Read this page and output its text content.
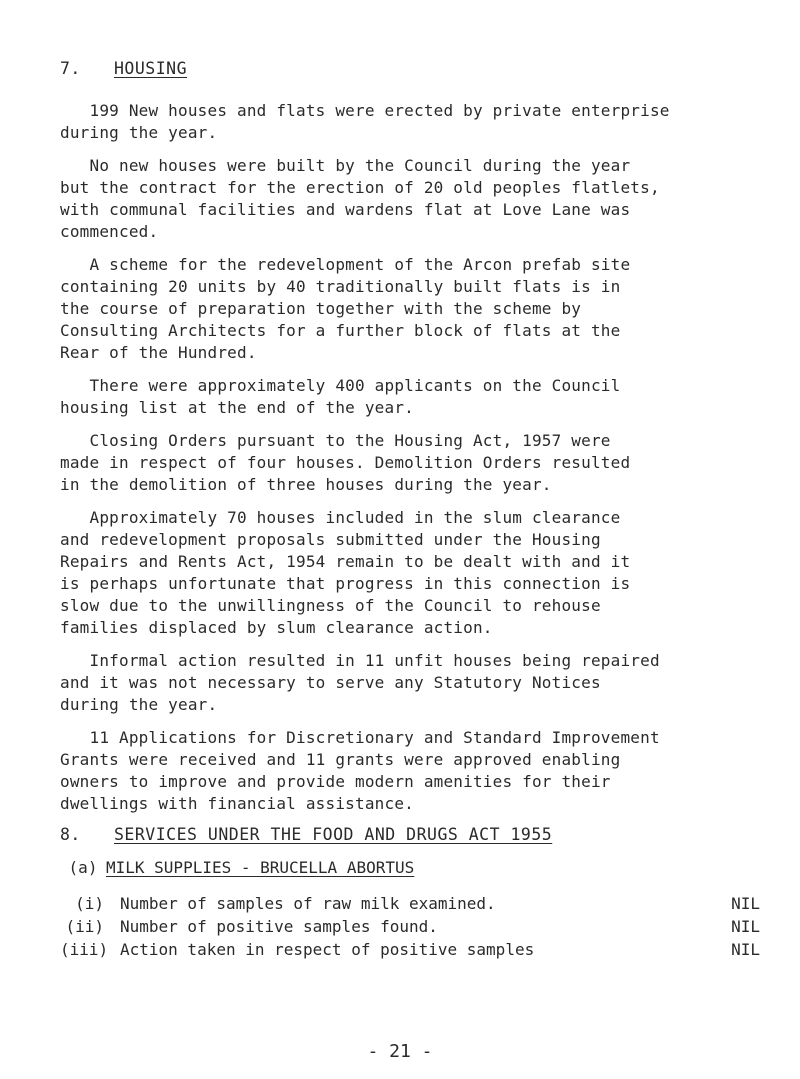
7. HOUSING
199 New houses and flats were erected by private enterprise
during the year.
No new houses were built by the Council during the year
but the contract for the erection of 20 old peoples flatlets,
with communal facilities and wardens flat at Love Lane was
commenced.
A scheme for the redevelopment of the Arcon prefab site
containing 20 units by 40 traditionally built flats is in
the course of preparation together with the scheme by
Consulting Architects for a further block of flats at the
Rear of the Hundred.
There were approximately 400 applicants on the Council
housing list at the end of the year.
Closing Orders pursuant to the Housing Act, 1957 were
made in respect of four houses. Demolition Orders resulted
in the demolition of three houses during the year.
Approximately 70 houses included in the slum clearance
and redevelopment proposals submitted under the Housing
Repairs and Rents Act, 1954 remain to be dealt with and it
is perhaps unfortunate that progress in this connection is
slow due to the unwillingness of the Council to rehouse
families displaced by slum clearance action.
Informal action resulted in 11 unfit houses being repaired
and it was not necessary to serve any Statutory Notices
during the year.
11 Applications for Discretionary and Standard Improvement
Grants were received and 11 grants were approved enabling
owners to improve and provide modern amenities for their
dwellings with financial assistance.
8. SERVICES UNDER THE FOOD AND DRUGS ACT 1955
(a) MILK SUPPLIES - BRUCELLA ABORTUS
(i) Number of samples of raw milk examined.	NIL
(ii) Number of positive samples found.	NIL
(iii) Action taken in respect of positive samples	NIL
- 21 -
